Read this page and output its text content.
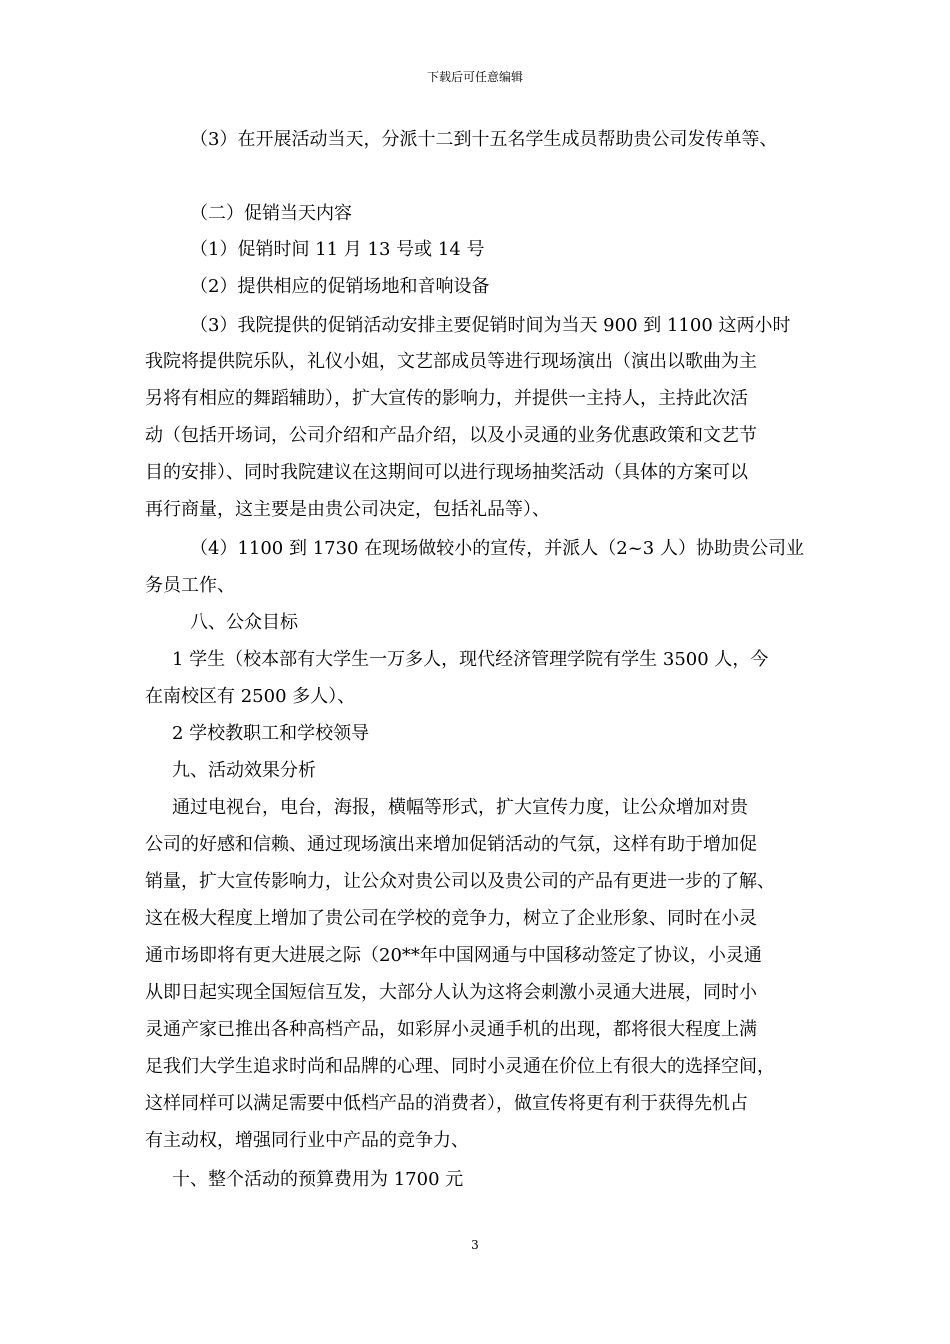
下载后可任意编辑
（3）在开展活动当天，分派十二到十五名学生成员帮助贵公司发传单等、
（二）促销当天内容
（1）促销时间 11 月 13 号或 14 号
（2）提供相应的促销场地和音响设备
（3）我院提供的促销活动安排主要促销时间为当天 900 到 1100 这两小时
我院将提供院乐队，礼仪小姐，文艺部成员等进行现场演出（演出以歌曲为主
另将有相应的舞蹈辅助），扩大宣传的影响力，并提供一主持人，主持此次活
动（包括开场词，公司介绍和产品介绍，以及小灵通的业务优惠政策和文艺节
目的安排）、同时我院建议在这期间可以进行现场抽奖活动（具体的方案可以
再行商量，这主要是由贵公司决定，包括礼品等）、
（4）1100 到 1730 在现场做较小的宣传，并派人（2~3 人）协助贵公司业
务员工作、
八、公众目标
1 学生（校本部有大学生一万多人，现代经济管理学院有学生 3500 人，今
在南校区有 2500 多人）、
2 学校教职工和学校领导
九、活动效果分析
通过电视台，电台，海报，横幅等形式，扩大宣传力度，让公众增加对贵
公司的好感和信赖、通过现场演出来增加促销活动的气氛，这样有助于增加促
销量，扩大宣传影响力，让公众对贵公司以及贵公司的产品有更进一步的了解、
这在极大程度上增加了贵公司在学校的竞争力，树立了企业形象、同时在小灵
通市场即将有更大进展之际（20**年中国网通与中国移动签定了协议，小灵通
从即日起实现全国短信互发，大部分人认为这将会刺激小灵通大进展，同时小
灵通产家已推出各种高档产品，如彩屏小灵通手机的出现，都将很大程度上满
足我们大学生追求时尚和品牌的心理、同时小灵通在价位上有很大的选择空间，
这样同样可以满足需要中低档产品的消费者），做宣传将更有利于获得先机占
有主动权，增强同行业中产品的竞争力、
十、整个活动的预算费用为 1700 元
3
